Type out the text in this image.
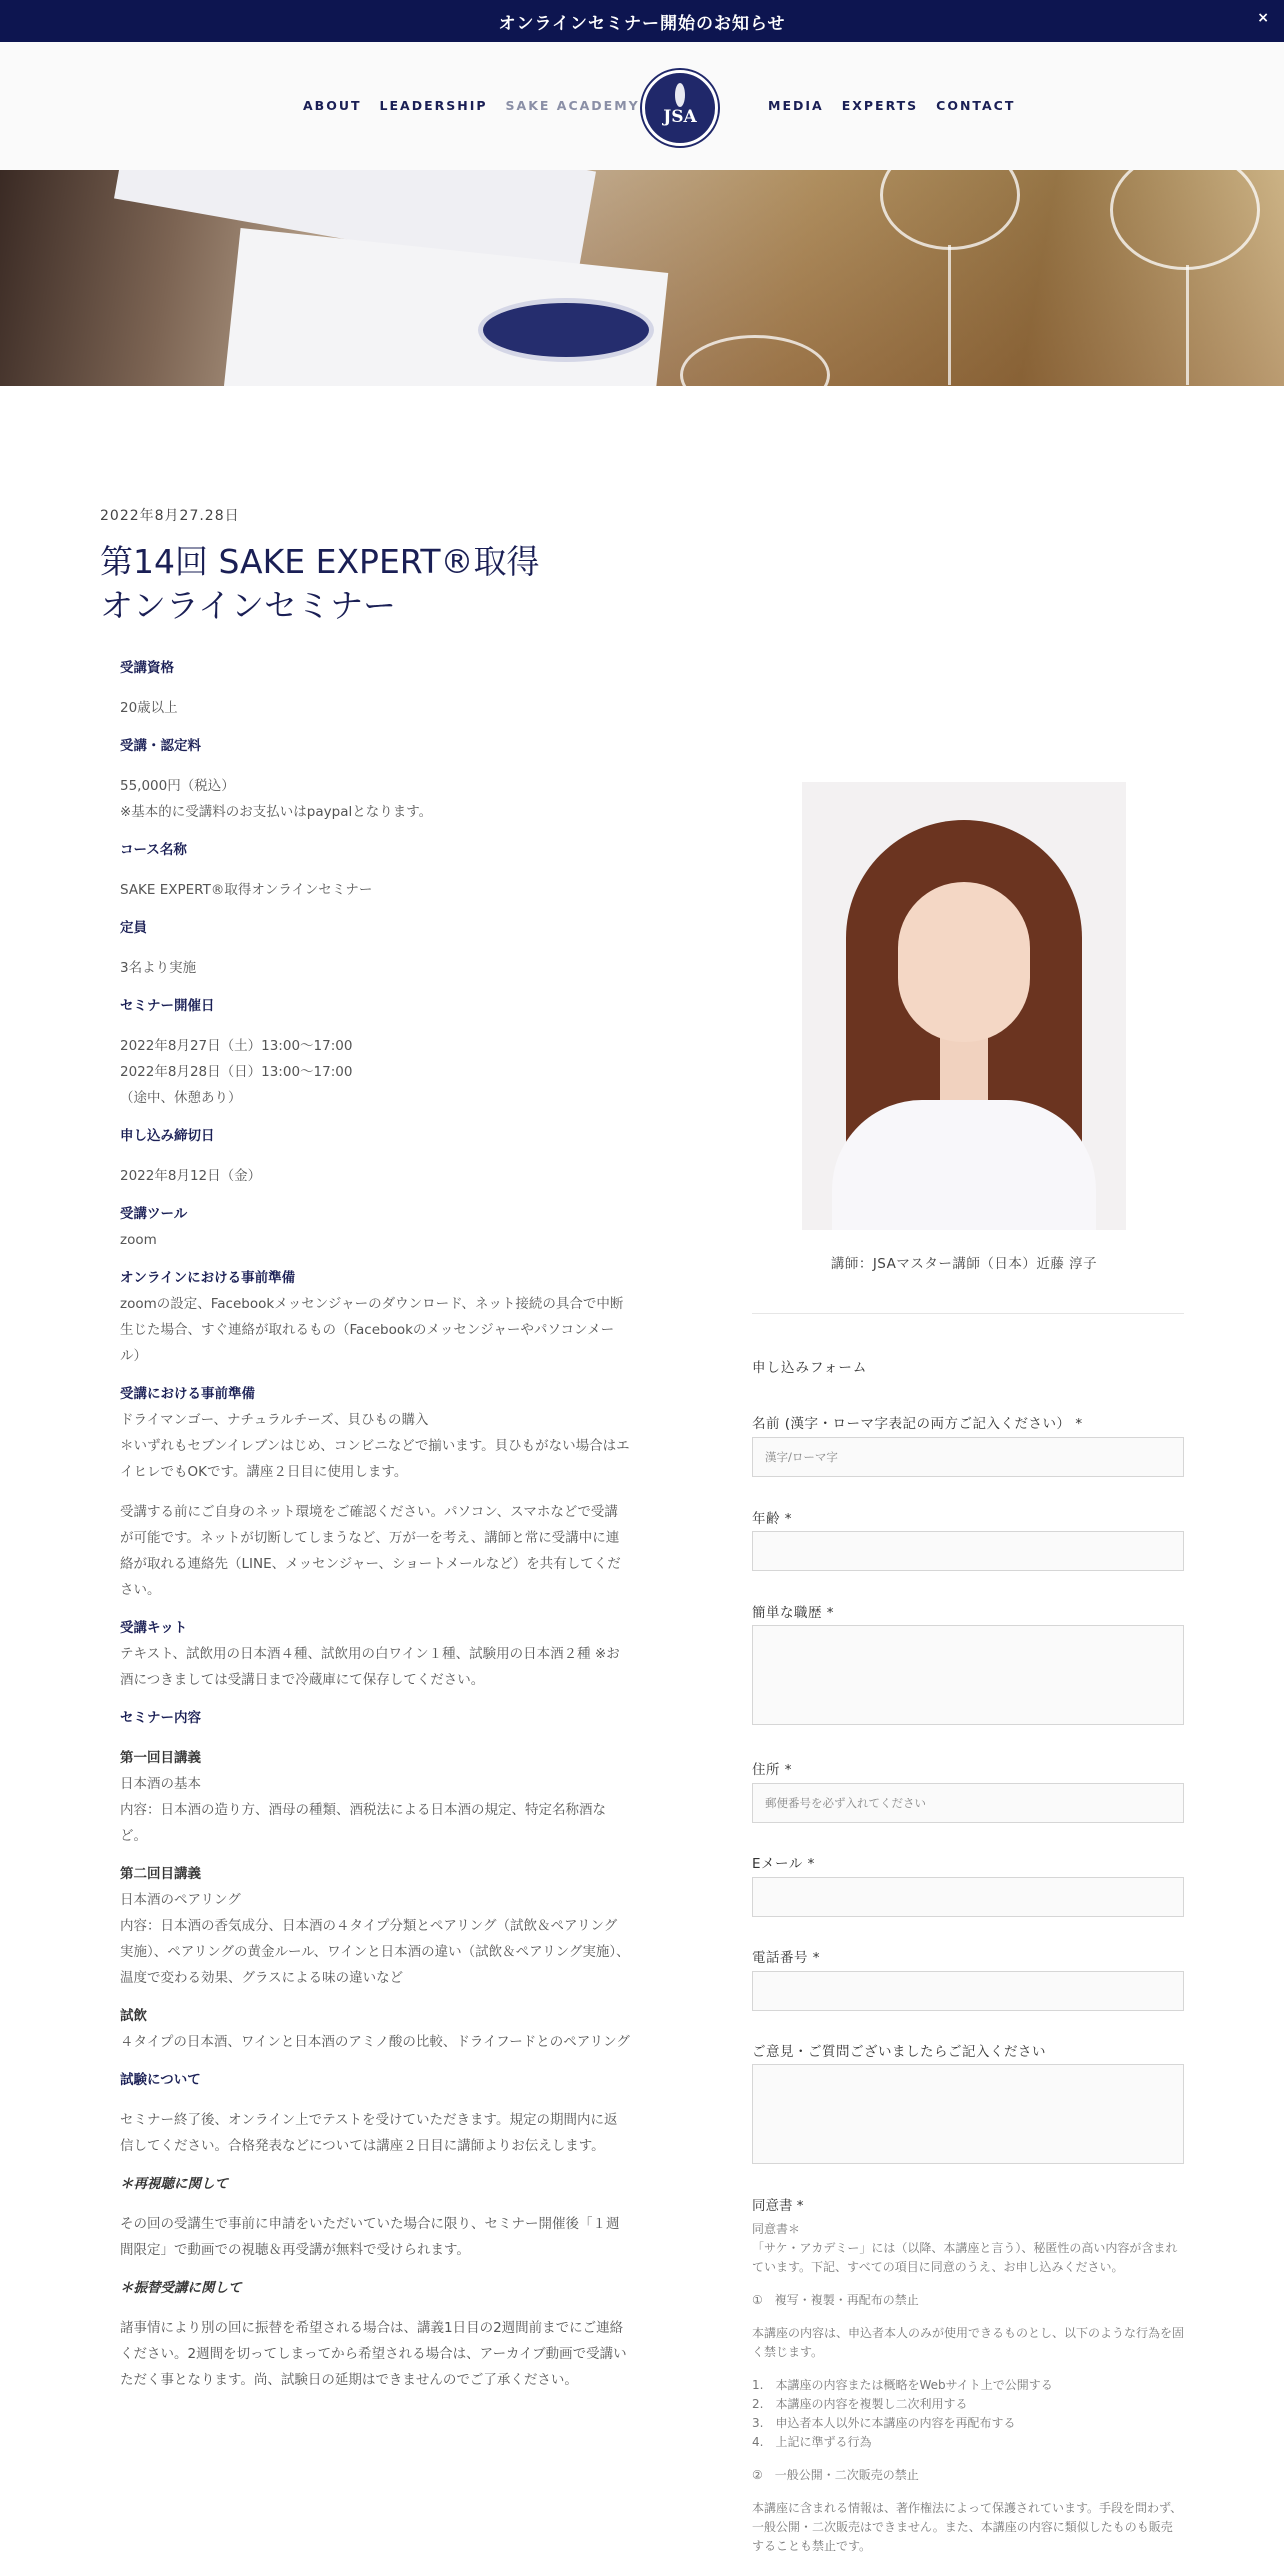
オンラインセミナー開始のお知らせ	×
ABOUT LEADERSHIP SAKE ACADEMY
JSA
MEDIA EXPERTS CONTACT
2022年8月27.28日
第14回 SAKE EXPERT®取得
オンラインセミナー

受講資格

20歳以上

受講・認定料

55,000円（税込）

※基本的に受講料のお支払いはpaypalとなります。

コース名称

SAKE EXPERT®取得オンラインセミナー

定員

3名より実施

セミナー開催日

2022年8月27日（土）13:00～17:00

2022年8月28日（日）13:00～17:00

（途中、休憩あり）

申し込み締切日

2022年8月12日（金）

受講ツール

zoom

オンラインにおける事前準備

zoomの設定、Facebookメッセンジャーのダウンロード、ネット接続の具合で中断生じた場合、すぐ連絡が取れるもの（Facebookのメッセンジャーやパソコンメール）

受講における事前準備

ドライマンゴー、ナチュラルチーズ、貝ひもの購入

＊いずれもセブンイレブンはじめ、コンビニなどで揃います。貝ひもがない場合はエイヒレでもOKです。講座２日目に使用します。

受講する前にご自身のネット環境をご確認ください。パソコン、スマホなどで受講が可能です。ネットが切断してしまうなど、万が一を考え、講師と常に受講中に連絡が取れる連絡先（LINE、メッセンジャー、ショートメールなど）を共有してください。

受講キット

テキスト、試飲用の日本酒４種、試飲用の白ワイン１種、試験用の日本酒２種 ※お酒につきましては受講日まで冷蔵庫にて保存してください。

セミナー内容

第一回目講義

日本酒の基本

内容：日本酒の造り方、酒母の種類、酒税法による日本酒の規定、特定名称酒など。

第二回目講義

日本酒のペアリング

内容：日本酒の香気成分、日本酒の４タイプ分類とペアリング（試飲＆ペアリング実施）、ペアリングの黄金ルール、ワインと日本酒の違い（試飲＆ペアリング実施）、温度で変わる効果、グラスによる味の違いなど

試飲

４タイプの日本酒、ワインと日本酒のアミノ酸の比較、ドライフードとのペアリング

試験について

セミナー終了後、オンライン上でテストを受けていただきます。規定の期間内に返信してください。合格発表などについては講座２日目に講師よりお伝えします。

＊再視聴に関して

その回の受講生で事前に申請をいただいていた場合に限り、セミナー開催後「１週間限定」で動画での視聴＆再受講が無料で受けられます。

＊振替受講に関して

諸事情により別の回に振替を希望される場合は、講義1日目の2週間前までにご連絡ください。2週間を切ってしまってから希望される場合は、アーカイブ動画で受講いただく事となります。尚、試験日の延期はできませんのでご了承ください。

講師：JSAマスター講師（日本）近藤 淳子
申し込みフォーム
名前 (漢字・ローマ字表記の両方ご記入ください） *
漢字/ローマ字
年齢 *
簡単な職歴 *
住所 *
郵便番号を必ず入れてください
Eメール *
電話番号 *
ご意見・ご質問ございましたらご記入ください

同意書 *

同意書＊

「サケ・アカデミー」には（以降、本講座と言う）、秘匿性の高い内容が含まれています。下記、すべての項目に同意のうえ、お申し込みください。

①　複写・複製・再配布の禁止

本講座の内容は、申込者本人のみが使用できるものとし、以下のような行為を固く禁じます。

1.　本講座の内容または概略をWebサイト上で公開する
2.　本講座の内容を複製し二次利用する
3.　申込者本人以外に本講座の内容を再配布する
4.　上記に準ずる行為

②　一般公開・二次販売の禁止

本講座に含まれる情報は、著作権法によって保護されています。手段を問わず、一般公開・二次販売はできません。また、本講座の内容に類似したものも販売することも禁止です。
